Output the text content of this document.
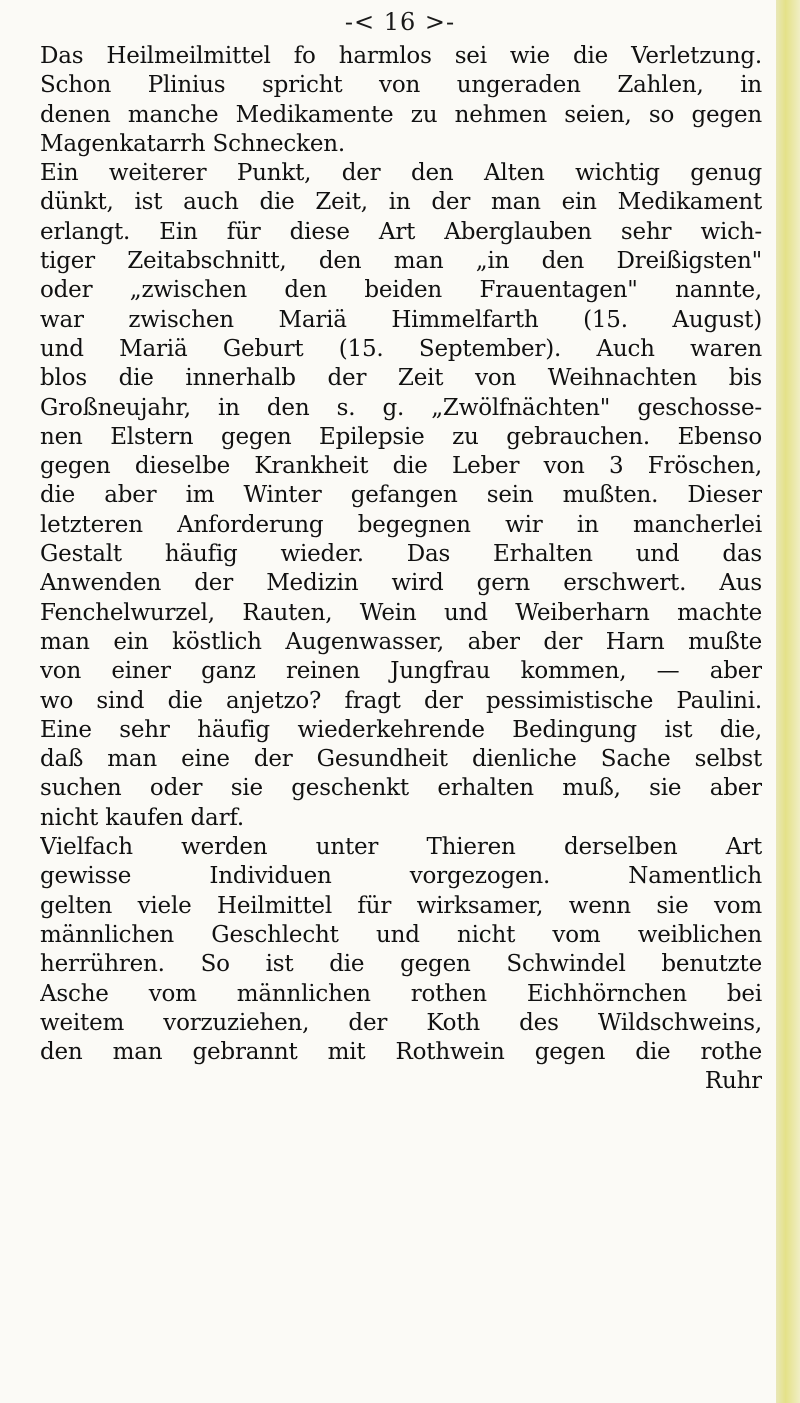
-< 16 >-
Das Heilmeilmittel fo harmlos sei wie die Verletzung.
Schon Plinius spricht von ungeraden Zahlen, in
denen manche Medikamente zu nehmen seien, so gegen
Magenkatarrh Schnecken.
Ein weiterer Punkt, der den Alten wichtig genug
dünkt, ist auch die Zeit, in der man ein Medikament
erlangt. Ein für diese Art Aberglauben sehr wich-
tiger Zeitabschnitt, den man „in den Dreißigsten"
oder „zwischen den beiden Frauentagen" nannte,
war zwischen Mariä Himmelfarth (15. August)
und Mariä Geburt (15. September). Auch waren
blos die innerhalb der Zeit von Weihnachten bis
Großneujahr, in den s. g. „Zwölfnächten" geschosse-
nen Elstern gegen Epilepsie zu gebrauchen. Ebenso
gegen dieselbe Krankheit die Leber von 3 Fröschen,
die aber im Winter gefangen sein mußten. Dieser
letzteren Anforderung begegnen wir in mancherlei
Gestalt häufig wieder. Das Erhalten und das
Anwenden der Medizin wird gern erschwert. Aus
Fenchelwurzel, Rauten, Wein und Weiberharn machte
man ein köstlich Augenwasser, aber der Harn mußte
von einer ganz reinen Jungfrau kommen, — aber
wo sind die anjetzo? fragt der pessimistische Paulini.
Eine sehr häufig wiederkehrende Bedingung ist die,
daß man eine der Gesundheit dienliche Sache selbst
suchen oder sie geschenkt erhalten muß, sie aber
nicht kaufen darf.
Vielfach werden unter Thieren derselben Art
gewisse Individuen vorgezogen. Namentlich
gelten viele Heilmittel für wirksamer, wenn sie vom
männlichen Geschlecht und nicht vom weiblichen
herrühren. So ist die gegen Schwindel benutzte
Asche vom männlichen rothen Eichhörnchen bei
weitem vorzuziehen, der Koth des Wildschweins,
den man gebrannt mit Rothwein gegen die rothe
Ruhr
